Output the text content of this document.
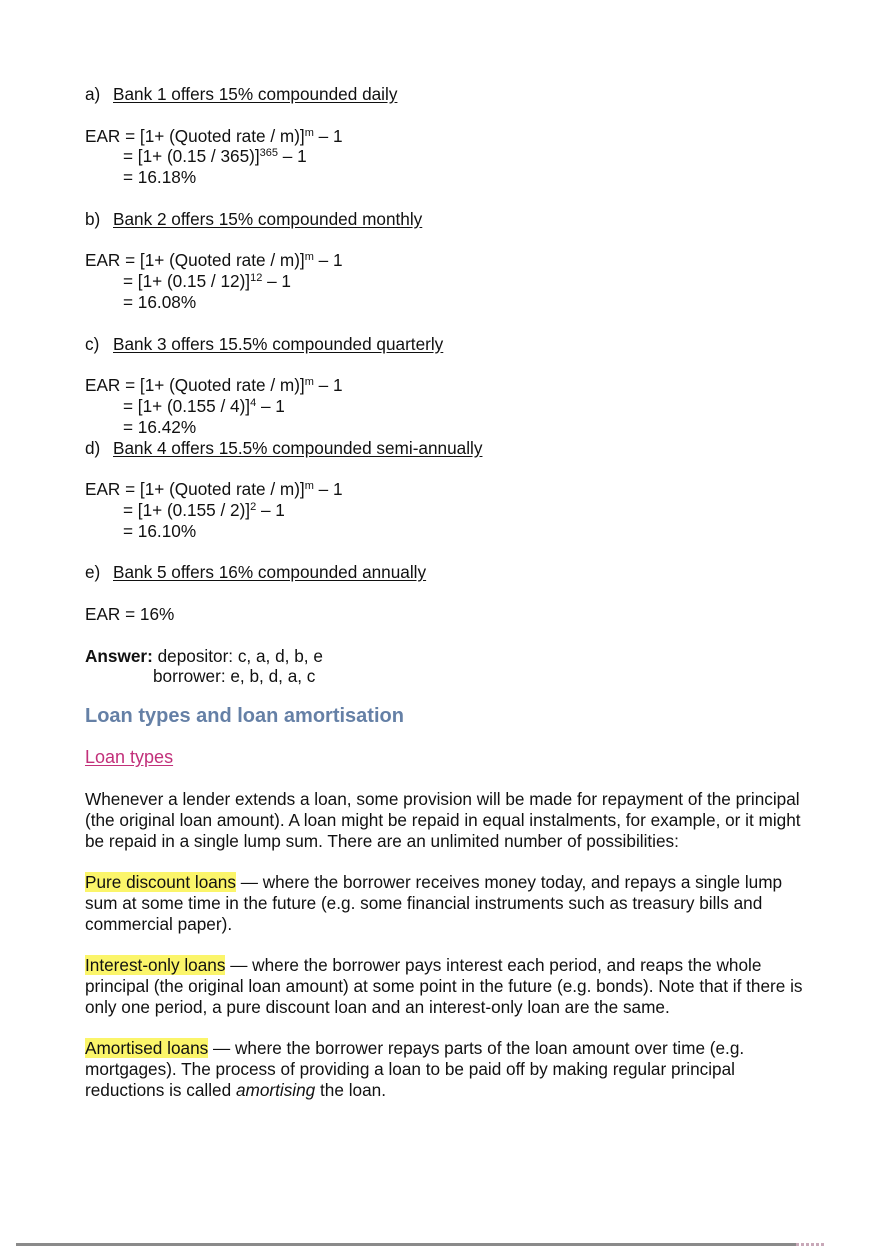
a) Bank 1 offers 15% compounded daily
EAR = [1+ (Quoted rate / m)]$^m$ – 1
= $[1+ (0.15 / 365)]^{365} - 1$
= 16.18%
b) Bank 2 offers 15% compounded monthly
EAR = [1+ (Quoted rate / m)]$^m$ – 1
= $[1+ (0.15 / 12)]^{12} - 1$
= 16.08%
c) Bank 3 offers 15.5% compounded quarterly
EAR = [1+ (Quoted rate / m)]$^m$ – 1
= $[1+ (0.155 / 4)]^4 - 1$
= 16.42%
d) Bank 4 offers 15.5% compounded semi-annually
EAR = [1+ (Quoted rate / m)]$^m$ – 1
= $[1+ (0.155 / 2)]^2 - 1$
= 16.10%
e) Bank 5 offers 16% compounded annually
EAR = 16%
Answer: depositor: c, a, d, b, e
borrower: e, b, d, a, c
Loan types and loan amortisation
Loan types

Whenever a lender extends a loan, some provision will be made for repayment of the principal (the original loan amount). A loan might be repaid in equal instalments, for example, or it might be repaid in a single lump sum. There are an unlimited number of possibilities:

Pure discount loans — where the borrower receives money today, and repays a single lump sum at some time in the future (e.g. some financial instruments such as treasury bills and commercial paper).

Interest-only loans — where the borrower pays interest each period, and reaps the whole principal (the original loan amount) at some point in the future (e.g. bonds). Note that if there is only one period, a pure discount loan and an interest-only loan are the same.

Amortised loans — where the borrower repays parts of the loan amount over time (e.g. mortgages). The process of providing a loan to be paid off by making regular principal reductions is called amortising the loan.
